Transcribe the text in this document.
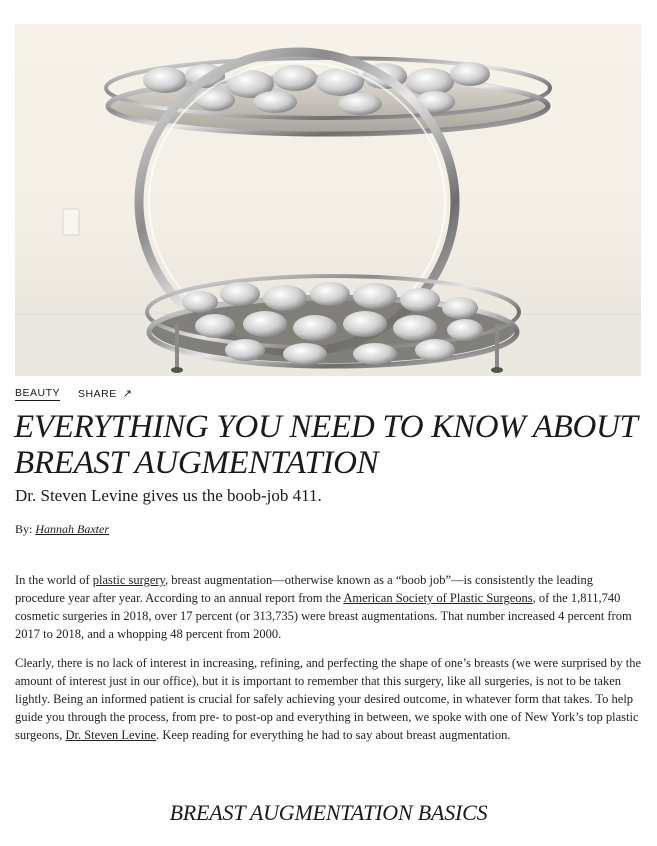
BEAUTY SHARE ↗
EVERYTHING YOU NEED TO KNOW ABOUT BREAST AUGMENTATION
Dr. Steven Levine gives us the boob-job 411.
By: Hannah Baxter

In the world of plastic surgery, breast augmentation—otherwise known as a “boob job”—is consistently the leading procedure year after year. According to an annual report from the American Society of Plastic Surgeons, of the 1,811,740 cosmetic surgeries in 2018, over 17 percent (or 313,735) were breast augmentations. That number increased 4 percent from 2017 to 2018, and a whopping 48 percent from 2000.

Clearly, there is no lack of interest in increasing, refining, and perfecting the shape of one’s breasts (we were surprised by the amount of interest just in our office), but it is important to remember that this surgery, like all surgeries, is not to be taken lightly. Being an informed patient is crucial for safely achieving your desired outcome, in whatever form that takes. To help guide you through the process, from pre- to post-op and everything in between, we spoke with one of New York’s top plastic surgeons, Dr. Steven Levine. Keep reading for everything he had to say about breast augmentation.

BREAST AUGMENTATION BASICS
